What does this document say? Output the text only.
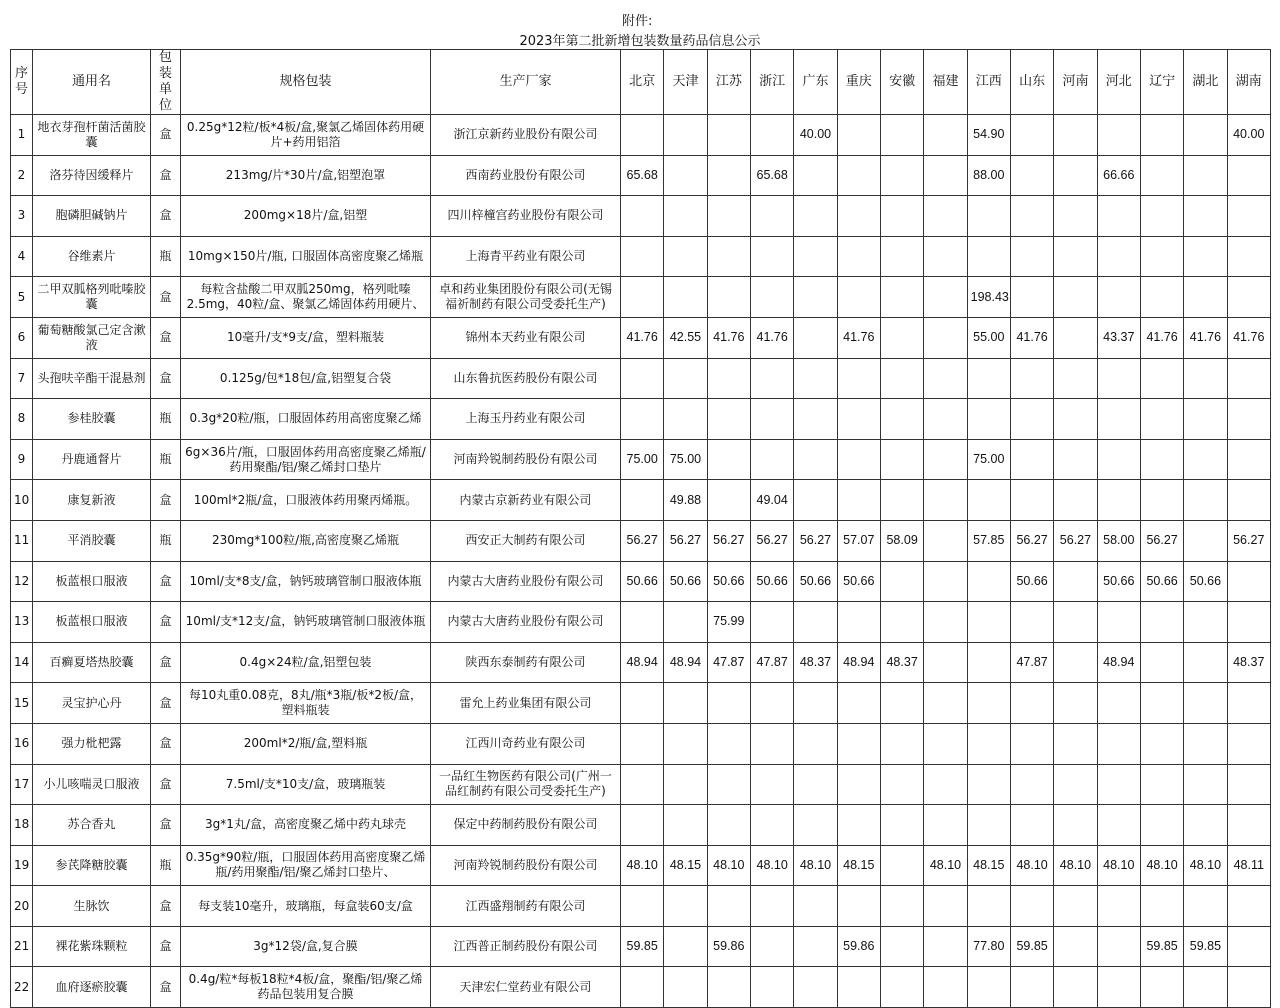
附件:
2023年第二批新增包装数量药品信息公示
序号	通用名	包装单位	规格包装	生产厂家	北京	天津	江苏	浙江	广东	重庆	安徽	福建	江西	山东	河南	河北	辽宁	湖北	湖南
1	地衣芽孢杆菌活菌胶囊	盒	0.25g*12粒/板*4板/盒,聚氯乙烯固体药用硬片+药用铝箔	浙江京新药业股份有限公司					40.00				54.90						40.00
2	洛芬待因缓释片	盒	213mg/片*30片/盒,铝塑泡罩	西南药业股份有限公司	65.68			65.68					88.00			66.66			
3	胞磷胆碱钠片	盒	200mg×18片/盒,铝塑	四川梓橦宫药业股份有限公司															
4	谷维素片	瓶	10mg×150片/瓶, 口服固体高密度聚乙烯瓶	上海青平药业有限公司															
5	二甲双胍格列吡嗪胶囊	盒	每粒含盐酸二甲双胍250mg，格列吡嗪2.5mg，40粒/盒、聚氯乙烯固体药用硬片、	卓和药业集团股份有限公司(无锡福祈制药有限公司受委托生产)									198.43						
6	葡萄糖酸氯己定含漱液	盒	10毫升/支*9支/盒，塑料瓶装	锦州本天药业有限公司	41.76	42.55	41.76	41.76		41.76			55.00	41.76		43.37	41.76	41.76	41.76
7	头孢呋辛酯干混悬剂	盒	0.125g/包*18包/盒,铝塑复合袋	山东鲁抗医药股份有限公司															
8	参桂胶囊	瓶	0.3g*20粒/瓶，口服固体药用高密度聚乙烯	上海玉丹药业有限公司															
9	丹鹿通督片	瓶	6g×36片/瓶，口服固体药用高密度聚乙烯瓶/药用聚酯/铝/聚乙烯封口垫片	河南羚锐制药股份有限公司	75.00	75.00							75.00						
10	康复新液	盒	100ml*2瓶/盒，口服液体药用聚丙烯瓶。	内蒙古京新药业有限公司		49.88		49.04											
11	平消胶囊	瓶	230mg*100粒/瓶,高密度聚乙烯瓶	西安正大制药有限公司	56.27	56.27	56.27	56.27	56.27	57.07	58.09		57.85	56.27	56.27	58.00	56.27		56.27
12	板蓝根口服液	盒	10ml/支*8支/盒，钠钙玻璃管制口服液体瓶	内蒙古大唐药业股份有限公司	50.66	50.66	50.66	50.66	50.66	50.66				50.66		50.66	50.66	50.66	
13	板蓝根口服液	盒	10ml/支*12支/盒，钠钙玻璃管制口服液体瓶	内蒙古大唐药业股份有限公司			75.99												
14	百癣夏塔热胶囊	盒	0.4g×24粒/盒,铝塑包装	陕西东泰制药有限公司	48.94	48.94	47.87	47.87	48.37	48.94	48.37			47.87		48.94			48.37
15	灵宝护心丹	盒	每10丸重0.08克，8丸/瓶*3瓶/板*2板/盒，塑料瓶装	雷允上药业集团有限公司															
16	强力枇杷露	盒	200ml*2/瓶/盒,塑料瓶	江西川奇药业有限公司															
17	小儿咳喘灵口服液	盒	7.5ml/支*10支/盒，玻璃瓶装	一品红生物医药有限公司(广州一品红制药有限公司受委托生产)															
18	苏合香丸	盒	3g*1丸/盒，高密度聚乙烯中药丸球壳	保定中药制药股份有限公司															
19	参芪降糖胶囊	瓶	0.35g*90粒/瓶，口服固体药用高密度聚乙烯瓶/药用聚酯/铝/聚乙烯封口垫片、	河南羚锐制药股份有限公司	48.10	48.15	48.10	48.10	48.10	48.15		48.10	48.15	48.10	48.10	48.10	48.10	48.10	48.11
20	生脉饮	盒	每支装10毫升，玻璃瓶，每盒装60支/盒	江西盛翔制药有限公司															
21	裸花紫珠颗粒	盒	3g*12袋/盒,复合膜	江西普正制药股份有限公司	59.85		59.86			59.86			77.80	59.85			59.85	59.85	
22	血府逐瘀胶囊	盒	0.4g/粒*每板18粒*4板/盒，聚酯/铝/聚乙烯药品包装用复合膜	天津宏仁堂药业有限公司															
